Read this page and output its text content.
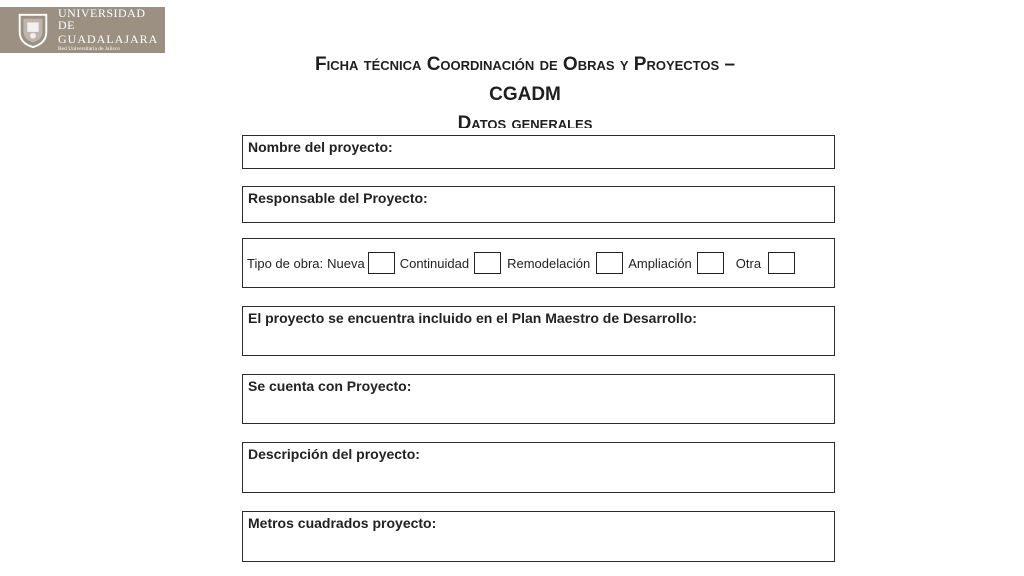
UNIVERSIDAD DE
GUADALAJARA
Red Universitaria de Jalisco
Ficha técnica Coordinación de Obras y Proyectos –
CGADM
Datos generales
Nombre del proyecto:
Responsable del Proyecto:
Tipo de obra: Nueva	Continuidad	Remodelación	Ampliación	Otra
El proyecto se encuentra incluido en el Plan Maestro de Desarrollo:
Se cuenta con Proyecto:
Descripción del proyecto:
Metros cuadrados proyecto:
